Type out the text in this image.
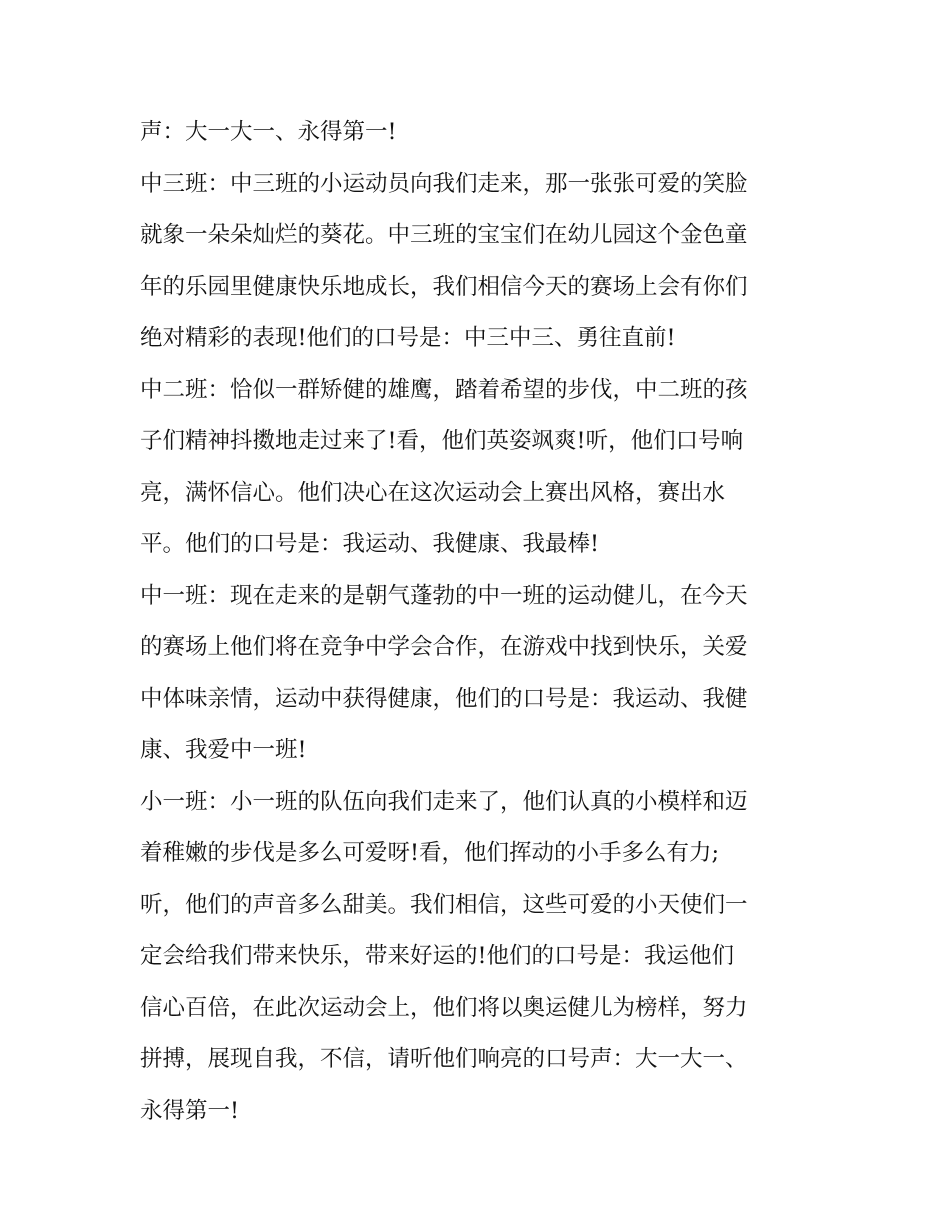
声：大一大一、永得第一!
中三班：中三班的小运动员向我们走来，那一张张可爱的笑脸
就象一朵朵灿烂的葵花。中三班的宝宝们在幼儿园这个金色童
年的乐园里健康快乐地成长，我们相信今天的赛场上会有你们
绝对精彩的表现!他们的口号是：中三中三、勇往直前!
中二班：恰似一群矫健的雄鹰，踏着希望的步伐，中二班的孩
子们精神抖擞地走过来了!看，他们英姿飒爽!听，他们口号响
亮，满怀信心。他们决心在这次运动会上赛出风格，赛出水
平。他们的口号是：我运动、我健康、我最棒!
中一班：现在走来的是朝气蓬勃的中一班的运动健儿，在今天
的赛场上他们将在竞争中学会合作，在游戏中找到快乐，关爱
中体味亲情，运动中获得健康，他们的口号是：我运动、我健
康、我爱中一班!
小一班：小一班的队伍向我们走来了，他们认真的小模样和迈
着稚嫩的步伐是多么可爱呀!看，他们挥动的小手多么有力;
听，他们的声音多么甜美。我们相信，这些可爱的小天使们一
定会给我们带来快乐，带来好运的!他们的口号是：我运他们
信心百倍，在此次运动会上，他们将以奥运健儿为榜样，努力
拼搏，展现自我，不信，请听他们响亮的口号声：大一大一、
永得第一!
